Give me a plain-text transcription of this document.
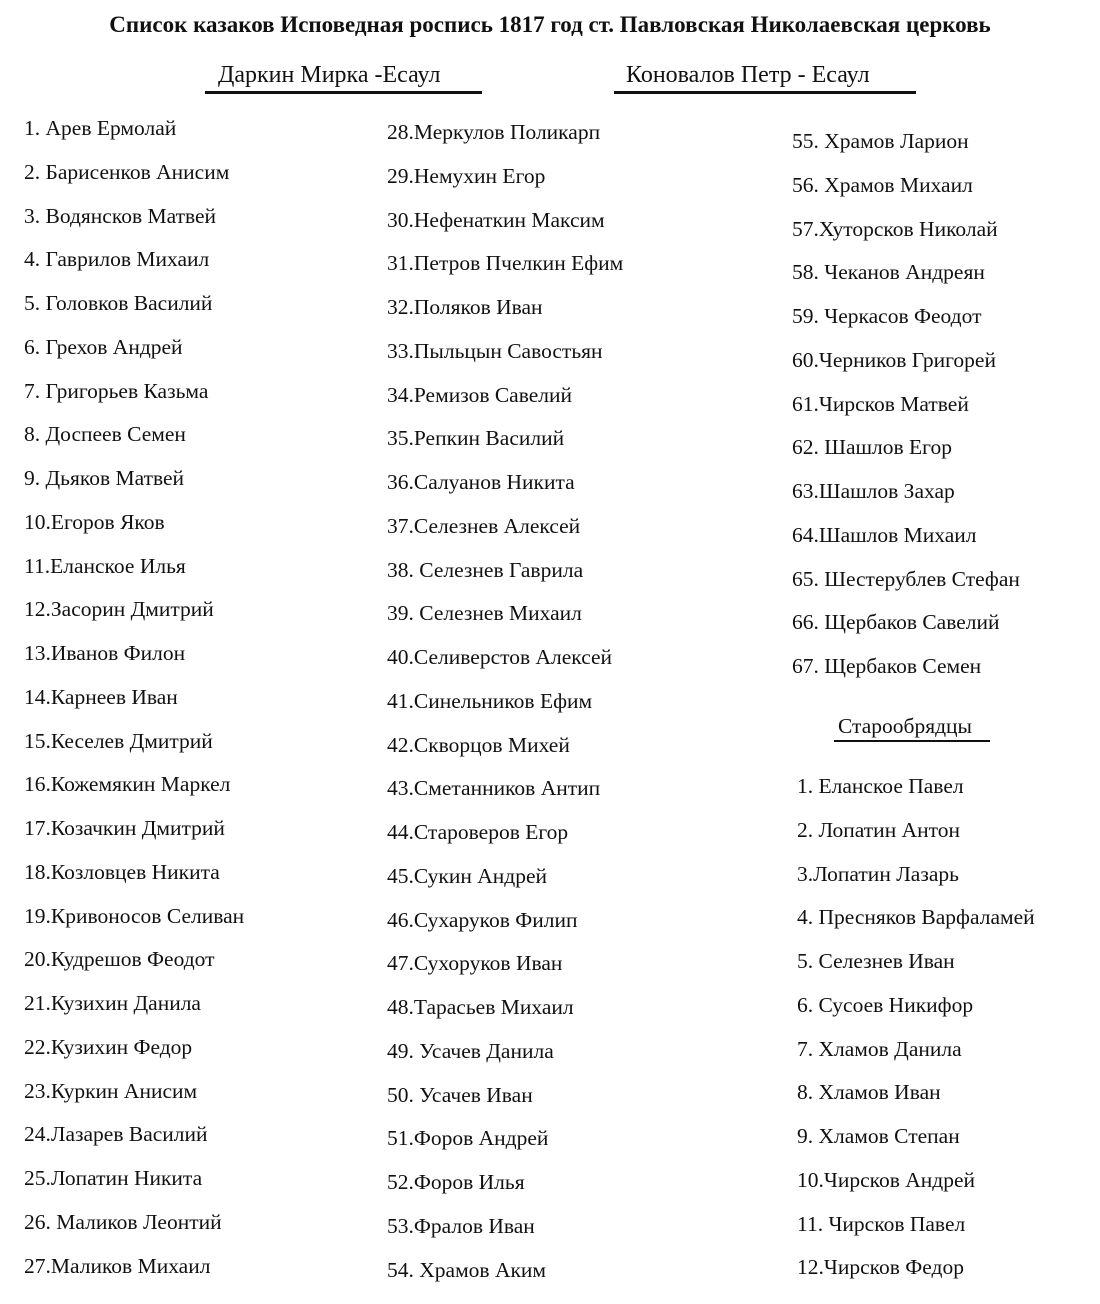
Список казаков Исповедная роспись 1817 год ст. Павловская Николаевская церковь
Даркин Мирка -Есаул	Коновалов Петр - Есаул
1. Арев Ермолай
2. Барисенков Анисим
3. Водянсков Матвей
4. Гаврилов Михаил
5. Головков Василий
6. Грехов Андрей
7. Григорьев Казьма
8. Доспеев Семен
9. Дьяков Матвей
10.Егоров Яков
11.Еланское Илья
12.Засорин Дмитрий
13.Иванов Филон
14.Карнеев Иван
15.Кеселев Дмитрий
16.Кожемякин Маркел
17.Козачкин Дмитрий
18.Козловцев Никита
19.Кривоносов Селиван
20.Кудрешов Феодот
21.Кузихин Данила
22.Кузихин Федор
23.Куркин Анисим
24.Лазарев Василий
25.Лопатин Никита
26. Маликов Леонтий
27.Маликов Михаил
28.Меркулов Поликарп
29.Немухин Егор
30.Нефенаткин Максим
31.Петров Пчелкин Ефим
32.Поляков Иван
33.Пыльцын Савостьян
34.Ремизов Савелий
35.Репкин Василий
36.Салуанов Никита
37.Селезнев Алексей
38. Селезнев Гаврила
39. Селезнев Михаил
40.Селиверстов Алексей
41.Синельников Ефим
42.Скворцов Михей
43.Сметанников Антип
44.Староверов Егор
45.Сукин Андрей
46.Сухаруков Филип
47.Сухоруков Иван
48.Тарасьев Михаил
49. Усачев Данила
50. Усачев Иван
51.Форов Андрей
52.Форов Илья
53.Фралов Иван
54. Храмов Аким
55. Храмов Ларион
56. Храмов Михаил
57.Хуторсков Николай
58. Чеканов Андреян
59. Черкасов Феодот
60.Черников Григорей
61.Чирсков Матвей
62. Шашлов Егор
63.Шашлов Захар
64.Шашлов Михаил
65. Шестерублев Стефан
66. Щербаков Савелий
67. Щербаков Семен
Старообрядцы
1. Еланское Павел
2. Лопатин Антон
3.Лопатин Лазарь
4. Пресняков Варфаламей
5. Селезнев Иван
6. Сусоев Никифор
7. Хламов Данила
8. Хламов Иван
9. Хламов Степан
10.Чирсков Андрей
11. Чирсков Павел
12.Чирсков Федор
